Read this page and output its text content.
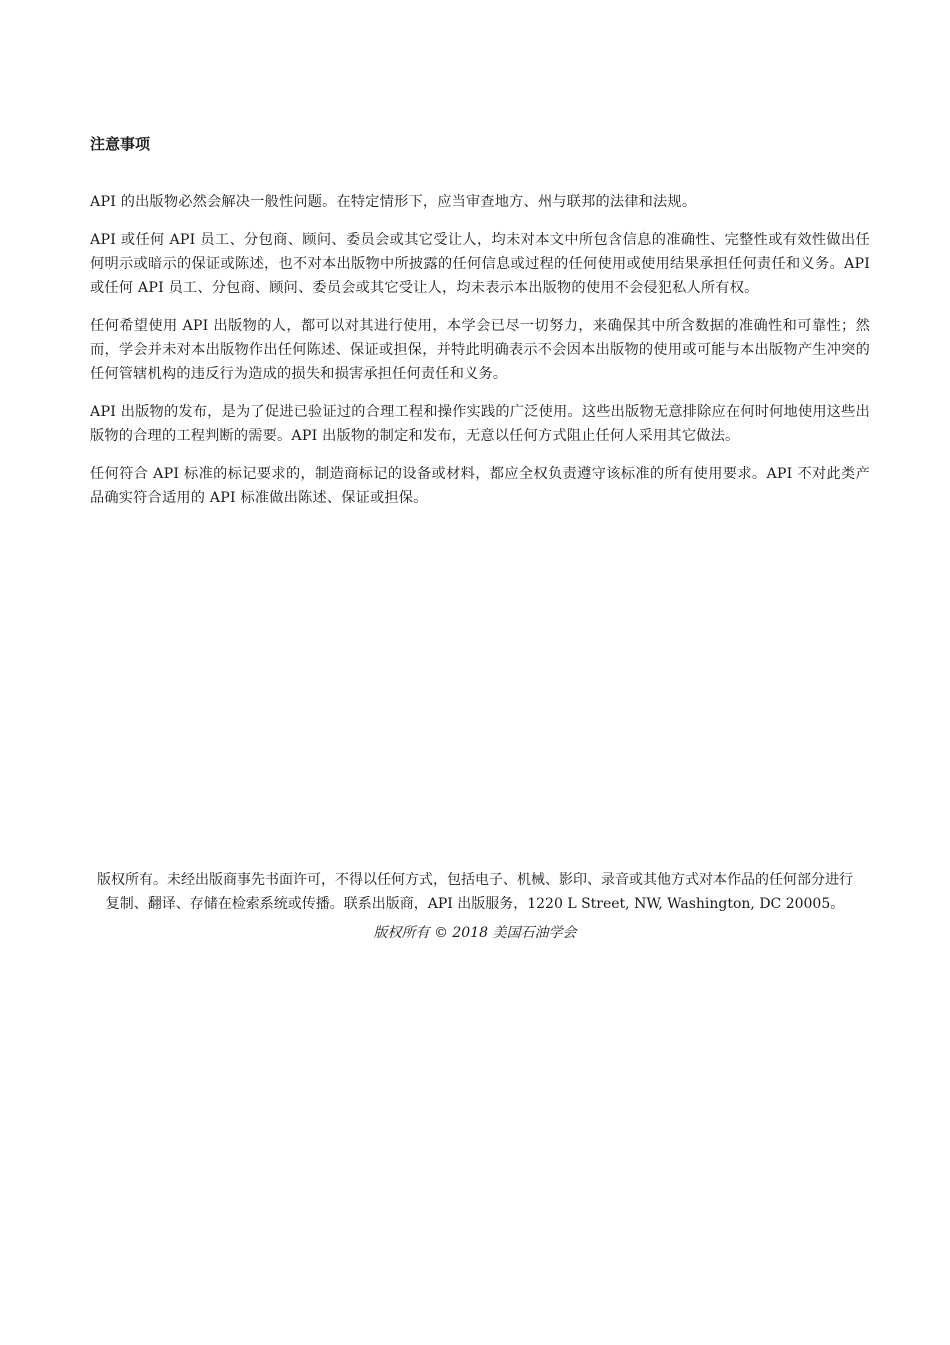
注意事项

API 的出版物必然会解决一般性问题。在特定情形下，应当审查地方、州与联邦的法律和法规。

API 或任何 API 员工、分包商、顾问、委员会或其它受让人，均未对本文中所包含信息的准确性、完整性或有效性做出任何明示或暗示的保证或陈述，也不对本出版物中所披露的任何信息或过程的任何使用或使用结果承担任何责任和义务。API 或任何 API 员工、分包商、顾问、委员会或其它受让人，均未表示本出版物的使用不会侵犯私人所有权。

任何希望使用 API 出版物的人，都可以对其进行使用，本学会已尽一切努力，来确保其中所含数据的准确性和可靠性；然而，学会并未对本出版物作出任何陈述、保证或担保，并特此明确表示不会因本出版物的使用或可能与本出版物产生冲突的任何管辖机构的违反行为造成的损失和损害承担任何责任和义务。

API 出版物的发布，是为了促进已验证过的合理工程和操作实践的广泛使用。这些出版物无意排除应在何时何地使用这些出版物的合理的工程判断的需要。API 出版物的制定和发布，无意以任何方式阻止任何人采用其它做法。

任何符合 API 标准的标记要求的，制造商标记的设备或材料，都应全权负责遵守该标准的所有使用要求。API 不对此类产品确实符合适用的 API 标准做出陈述、保证或担保。

版权所有。未经出版商事先书面许可，不得以任何方式，包括电子、机械、影印、录音或其他方式对本作品的任何部分进行复制、翻译、存储在检索系统或传播。联系出版商，API 出版服务，1220 L Street, NW, Washington, DC 20005。

版权所有 © 2018 美国石油学会
